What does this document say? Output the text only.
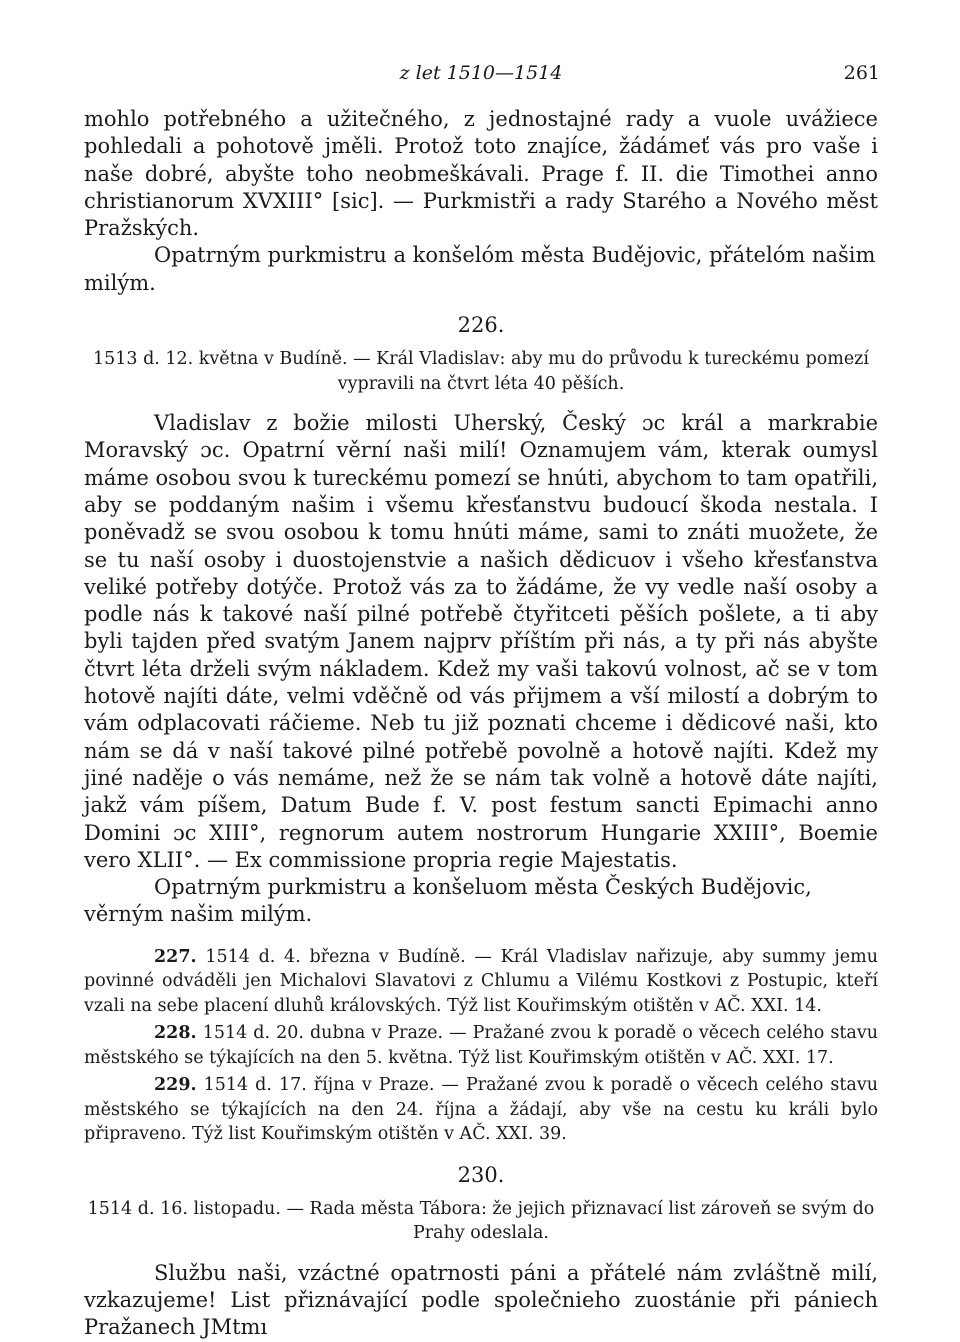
z let 1510—1514	261

mohlo potřebného a užitečného, z jednostajné rady a vuole uvážiece pohledali a pohotově jměli. Protož toto znajíce, žádámeť vás pro vaše i naše dobré, abyšte toho neobmeškávali. Prage f. II. die Timothei anno christianorum XVXIII° [sic]. — Purkmistři a rady Starého a Nového měst Pražských.

Opatrným purkmistru a konšelóm města Budějovic, přátelóm našim milým.

226.

1513 d. 12. května v Budíně. — Král Vladislav: aby mu do průvodu k tureckému pomezí vypravili na čtvrt léta 40 pěších.

Vladislav z božie milosti Uherský, Český ɔc král a markrabie Moravský ɔc. Opatrní věrní naši milí! Oznamujem vám, kterak oumysl máme osobou svou k tureckému pomezí se hnúti, abychom to tam opatřili, aby se poddaným našim i všemu křesťanstvu budoucí škoda nestala. I poněvadž se svou osobou k tomu hnúti máme, sami to znáti muožete, že se tu naší osoby i duostojenstvie a našich dědicuov i všeho křesťanstva veliké potřeby dotýče. Protož vás za to žádáme, že vy vedle naší osoby a podle nás k takové naší pilné potřebě čtyřitceti pěších pošlete, a ti aby byli tajden před svatým Janem najprv příštím při nás, a ty při nás abyšte čtvrt léta drželi svým nákladem. Kdež my vaši takovú volnost, ač se v tom hotově najíti dáte, velmi vděčně od vás přijmem a vší milostí a dobrým to vám odplacovati ráčieme. Neb tu již poznati chceme i dědicové naši, kto nám se dá v naší takové pilné potřebě povolně a hotově najíti. Kdež my jiné naděje o vás nemáme, než že se nám tak volně a hotově dáte najíti, jakž vám píšem, Datum Bude f. V. post festum sancti Epimachi anno Domini ɔc XIII°, regnorum autem nostrorum Hungarie XXIII°, Boemie vero XLII°. — Ex commissione propria regie Majestatis.

Opatrným purkmistru a konšeluom města Českých Budějovic, věrným našim milým.

227. 1514 d. 4. března v Budíně. — Král Vladislav nařizuje, aby summy jemu povinné odváděli jen Michalovi Slavatovi z Chlumu a Vilému Kostkovi z Postupic, kteří vzali na sebe placení dluhů královských. Týž list Kouřimským otištěn v AČ. XXI. 14.

228. 1514 d. 20. dubna v Praze. — Pražané zvou k poradě o věcech celého stavu městského se týkajících na den 5. května. Týž list Kouřimským otištěn v AČ. XXI. 17.

229. 1514 d. 17. října v Praze. — Pražané zvou k poradě o věcech celého stavu městského se týkajících na den 24. října a žádají, aby vše na cestu ku králi bylo připraveno. Týž list Kouřimským otištěn v AČ. XXI. 39.

230.

1514 d. 16. listopadu. — Rada města Tábora: že jejich přiznavací list zároveň se svým do Prahy odeslala.

Službu naši, vzáctné opatrnosti páni a přátelé nám zvláštně milí, vzkazujeme! List přiznávající podle společnieho zuostánie při pániech Pražanech JMtmı
